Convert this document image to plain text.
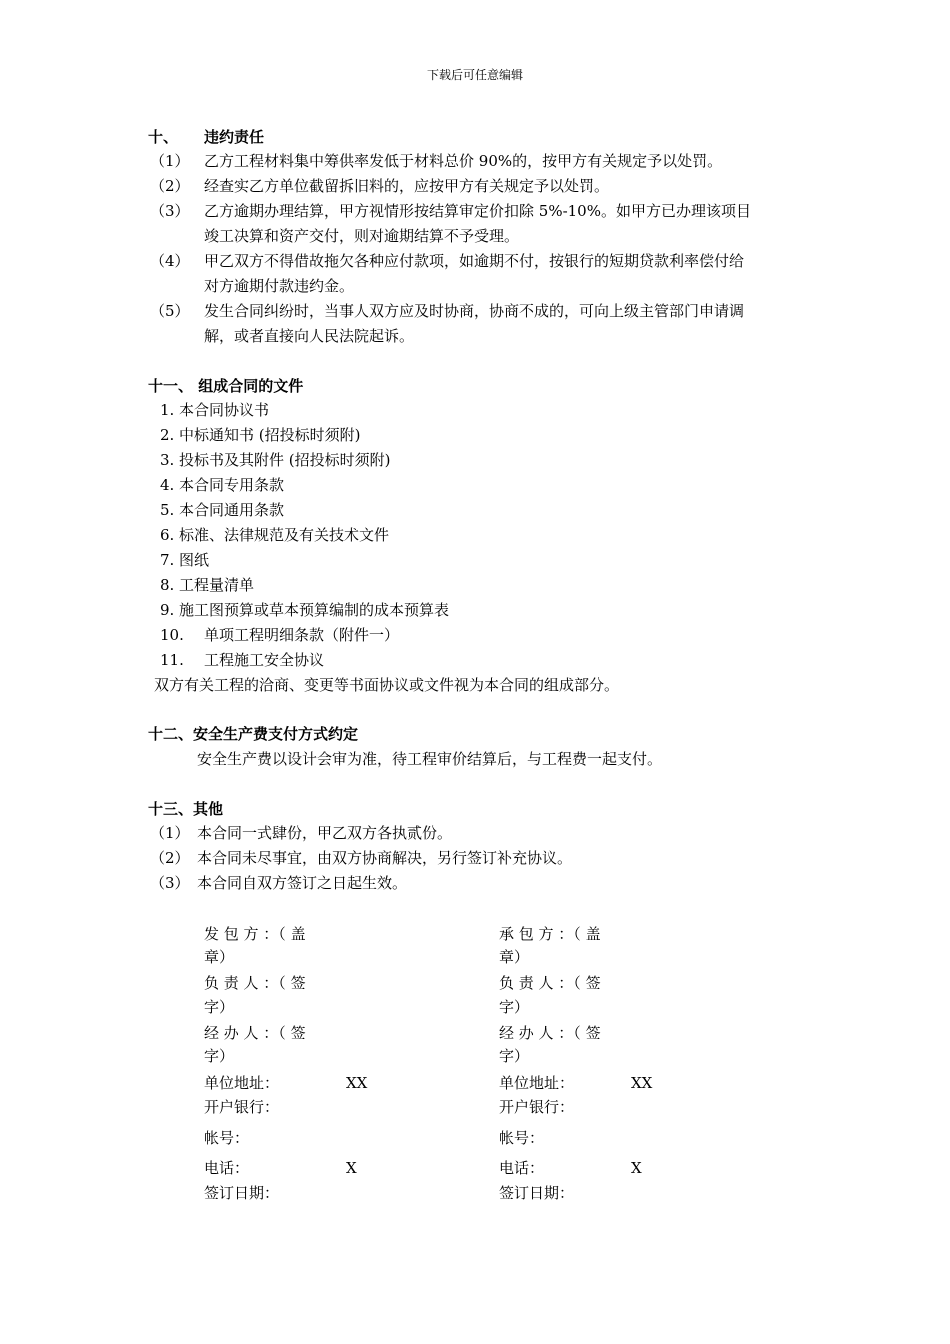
下载后可任意编辑
十、 违约责任
（1） 乙方工程材料集中筹供率发低于材料总价 90%的，按甲方有关规定予以处罚。
（2） 经查实乙方单位截留拆旧料的，应按甲方有关规定予以处罚。
（3） 乙方逾期办理结算，甲方视情形按结算审定价扣除 5%-10%。如甲方已办理该项目
竣工决算和资产交付，则对逾期结算不予受理。
（4） 甲乙双方不得借故拖欠各种应付款项，如逾期不付，按银行的短期贷款利率偿付给
对方逾期付款违约金。
（5） 发生合同纠纷时，当事人双方应及时协商，协商不成的，可向上级主管部门申请调
解，或者直接向人民法院起诉。
十一、 组成合同的文件
1. 本合同协议书
2. 中标通知书 (招投标时须附)
3. 投标书及其附件 (招投标时须附)
4. 本合同专用条款
5. 本合同通用条款
6. 标准、法律规范及有关技术文件
7. 图纸
8. 工程量清单
9. 施工图预算或草本预算编制的成本预算表
10. 单项工程明细条款（附件一）
11. 工程施工安全协议
双方有关工程的洽商、变更等书面协议或文件视为本合同的组成部分。
十二、安全生产费支付方式约定
安全生产费以设计会审为准，待工程审价结算后，与工程费一起支付。
十三、其他
（1） 本合同一式肆份，甲乙双方各执贰份。
（2） 本合同未尽事宜，由双方协商解决，另行签订补充协议。
（3） 本合同自双方签订之日起生效。
发 包 方 ：（ 盖
章）
负 责 人 ：（ 签
字）
经 办 人 ：（ 签
字）
单位地址：	XX
开户银行：
帐号：
电话：	X
签订日期：
承 包 方 ：（ 盖
章）
负 责 人 ：（ 签
字）
经 办 人 ：（ 签
字）
单位地址：	XX
开户银行：
帐号：
电话：	X
签订日期：
